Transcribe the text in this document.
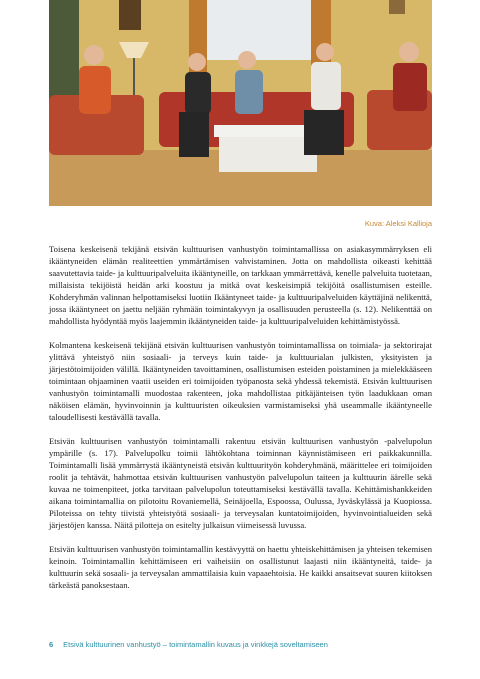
Kuva: Aleksi Kallioja

Toisena keskeisenä tekijänä etsivän kulttuurisen vanhustyön toimintamallissa on asiakasymmärryksen eli ikääntyneiden elämän realiteettien ymmärtämisen vahvistaminen. Jotta on mahdollista oikeasti kehittää saavutettavia taide- ja kulttuuripalveluita ikääntyneille, on tarkkaan ymmärrettävä, kenelle palveluita tuotetaan, millaisista tekijöistä heidän arki koostuu ja mitkä ovat keskeisimpiä tekijöitä osallistumisen esteille. Kohderyhmän valinnan helpottamiseksi luotiin Ikääntyneet taide- ja kulttuuripalveluiden käyttäjinä nelikenttä, jossa ikääntyneet on jaettu neljään ryhmään toimintakyvyn ja osallisuuden perusteella (s. 12). Nelikenttää on mahdollista hyödyntää myös laajemmin ikääntyneiden taide- ja kulttuuripalveluiden kehittämistyössä.

Kolmantena keskeisenä tekijänä etsivän kulttuurisen vanhustyön toimintamallissa on toimiala- ja sektorirajat ylittävä yhteistyö niin sosiaali- ja terveys kuin taide- ja kulttuurialan julkisten, yksityisten ja järjestötoimijoiden välillä. Ikääntyneiden tavoittaminen, osallistumisen esteiden poistaminen ja mielekkääseen toimintaan ohjaaminen vaatii useiden eri toimijoiden työpanosta sekä yhdessä tekemistä. Etsivän kulttuurisen vanhustyön toimintamalli muodostaa rakenteen, joka mahdollistaa pitkäjänteisen työn laadukkaan oman näköisen elämän, hyvinvoinnin ja kulttuuristen oikeuksien varmistamiseksi yhä useammalle ikääntyneelle taloudellisesti kestävällä tavalla.

Etsivän kulttuurisen vanhustyön toimintamalli rakentuu etsivän kulttuurisen vanhustyön -palvelupolun ympärille (s. 17). Palvelupolku toimii lähtökohtana toiminnan käynnistämiseen eri paikkakunnilla. Toimintamalli lisää ymmärrystä ikääntyneistä etsivän kulttuurityön kohderyhmänä, määrittelee eri toimijoiden roolit ja tehtävät, hahmottaa etsivän kulttuurisen vanhustyön palvelupolun taiteen ja kulttuurin äärelle sekä kuvaa ne toimenpiteet, jotka tarvitaan palvelupolun toteuttamiseksi kestävällä tavalla. Kehittämishankkeiden aikana toimintamallia on pilotoitu Rovaniemellä, Seinäjoella, Espoossa, Oulussa, Jyväskylässä ja Kuopiossa. Piloteissa on tehty tiivistä yhteistyötä sosiaali- ja terveysalan kuntatoimijoiden, hyvinvointialueiden sekä järjestöjen kanssa. Näitä pilotteja on esitelty julkaisun viimeisessä luvussa.

Etsivän kulttuurisen vanhustyön toimintamallin kestävyyttä on haettu yhteiskehittämisen ja yhteisen tekemisen keinoin. Toimintamallin kehittämiseen eri vaiheisiin on osallistunut laajasti niin ikääntyneitä, taide- ja kulttuurin sekä sosaali- ja terveysalan ammattilaisia kuin vapaaehtoisia. He kaikki ansaitsevat suuren kiitoksen tärkeästä panoksestaan.

6 Etsivä kulttuurinen vanhustyö – toimintamallin kuvaus ja vinkkejä soveltamiseen
